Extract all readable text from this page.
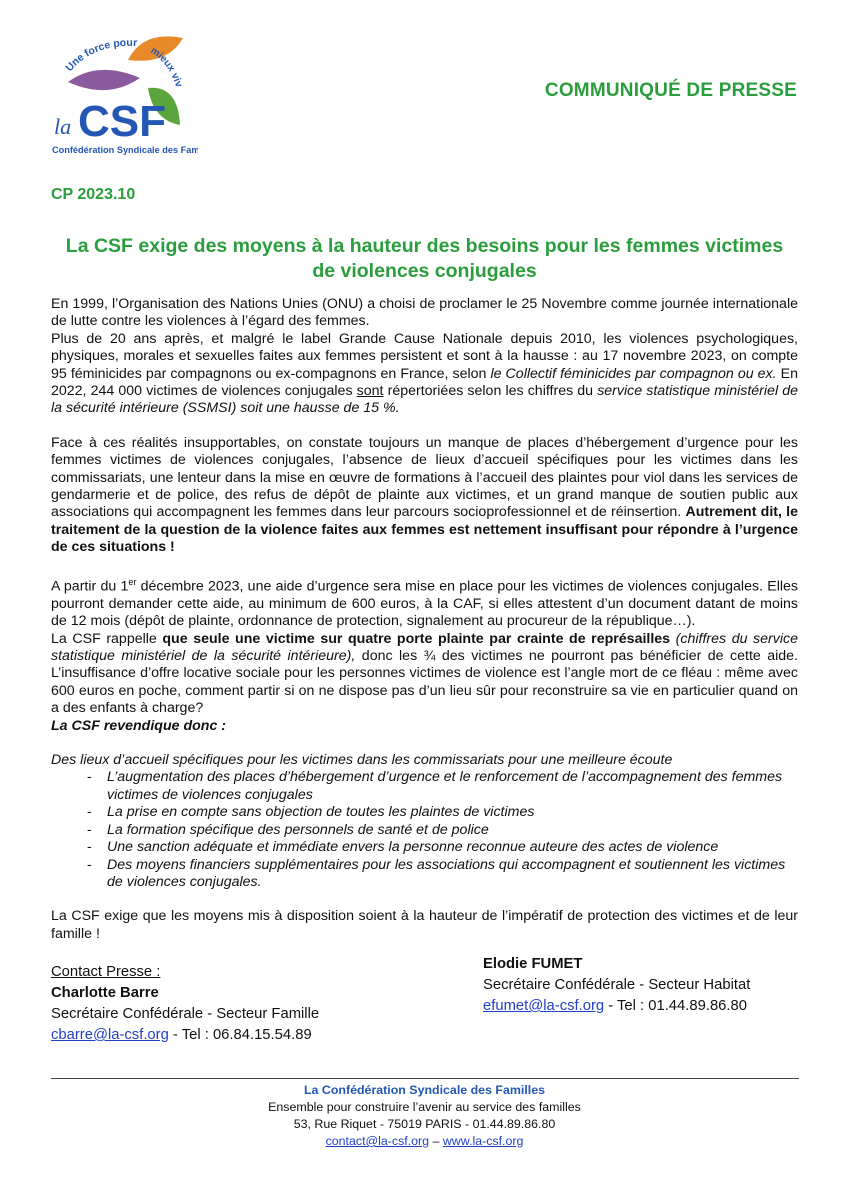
Une force pour
mieux viv
la CSF
Confédération Syndicale des Fam
COMMUNIQUÉ DE PRESSE
CP 2023.10
La CSF exige des moyens à la hauteur des besoins pour les femmes victimes de violences conjugales

En 1999, l’Organisation des Nations Unies (ONU) a choisi de proclamer le 25 Novembre comme journée internationale de lutte contre les violences à l’égard des femmes.

Plus de 20 ans après, et malgré le label Grande Cause Nationale depuis 2010, les violences psychologiques, physiques, morales et sexuelles faites aux femmes persistent et sont à la hausse : au 17 novembre 2023, on compte 95 féminicides par compagnons ou ex-compagnons en France, selon le Collectif féminicides par compagnon ou ex. En 2022, 244 000 victimes de violences conjugales sont répertoriées selon les chiffres du service statistique ministériel de la sécurité intérieure (SSMSI) soit une hausse de 15 %.

Face à ces réalités insupportables, on constate toujours un manque de places d’hébergement d’urgence pour les femmes victimes de violences conjugales, l’absence de lieux d’accueil spécifiques pour les victimes dans les commissariats, une lenteur dans la mise en œuvre de formations à l’accueil des plaintes pour viol dans les services de gendarmerie et de police, des refus de dépôt de plainte aux victimes, et un grand manque de soutien public aux associations qui accompagnent les femmes dans leur parcours socioprofessionnel et de réinsertion. Autrement dit, le traitement de la question de la violence faites aux femmes est nettement insuffisant pour répondre à l’urgence de ces situations !

A partir du 1er décembre 2023, une aide d’urgence sera mise en place pour les victimes de violences conjugales. Elles pourront demander cette aide, au minimum de 600 euros, à la CAF, si elles attestent d’un document datant de moins de 12 mois (dépôt de plainte, ordonnance de protection, signalement au procureur de la république…).

La CSF rappelle que seule une victime sur quatre porte plainte par crainte de représailles (chiffres du service statistique ministériel de la sécurité intérieure), donc les ¾ des victimes ne pourront pas bénéficier de cette aide. L’insuffisance d’offre locative sociale pour les personnes victimes de violence est l’angle mort de ce fléau : même avec 600 euros en poche, comment partir si on ne dispose pas d’un lieu sûr pour reconstruire sa vie en particulier quand on a des enfants à charge?

La CSF revendique donc :

Des lieux d’accueil spécifiques pour les victimes dans les commissariats pour une meilleure écoute

- L’augmentation des places d’hébergement d’urgence et le renforcement de l’accompagnement des femmes victimes de violences conjugales
- La prise en compte sans objection de toutes les plaintes de victimes
- La formation spécifique des personnels de santé et de police
- Une sanction adéquate et immédiate envers la personne reconnue auteure des actes de violence
- Des moyens financiers supplémentaires pour les associations qui accompagnent et soutiennent les victimes de violences conjugales.

La CSF exige que les moyens mis à disposition soient à la hauteur de l’impératif de protection des victimes et de leur famille !

Contact Presse :
Charlotte Barre
Secrétaire Confédérale - Secteur Famille
cbarre@la-csf.org - Tel : 06.84.15.54.89
Elodie FUMET
Secrétaire Confédérale - Secteur Habitat
efumet@la-csf.org - Tel : 01.44.89.86.80
La Confédération Syndicale des Familles
Ensemble pour construire l’avenir au service des familles
53, Rue Riquet - 75019 PARIS - 01.44.89.86.80
contact@la-csf.org – www.la-csf.org
